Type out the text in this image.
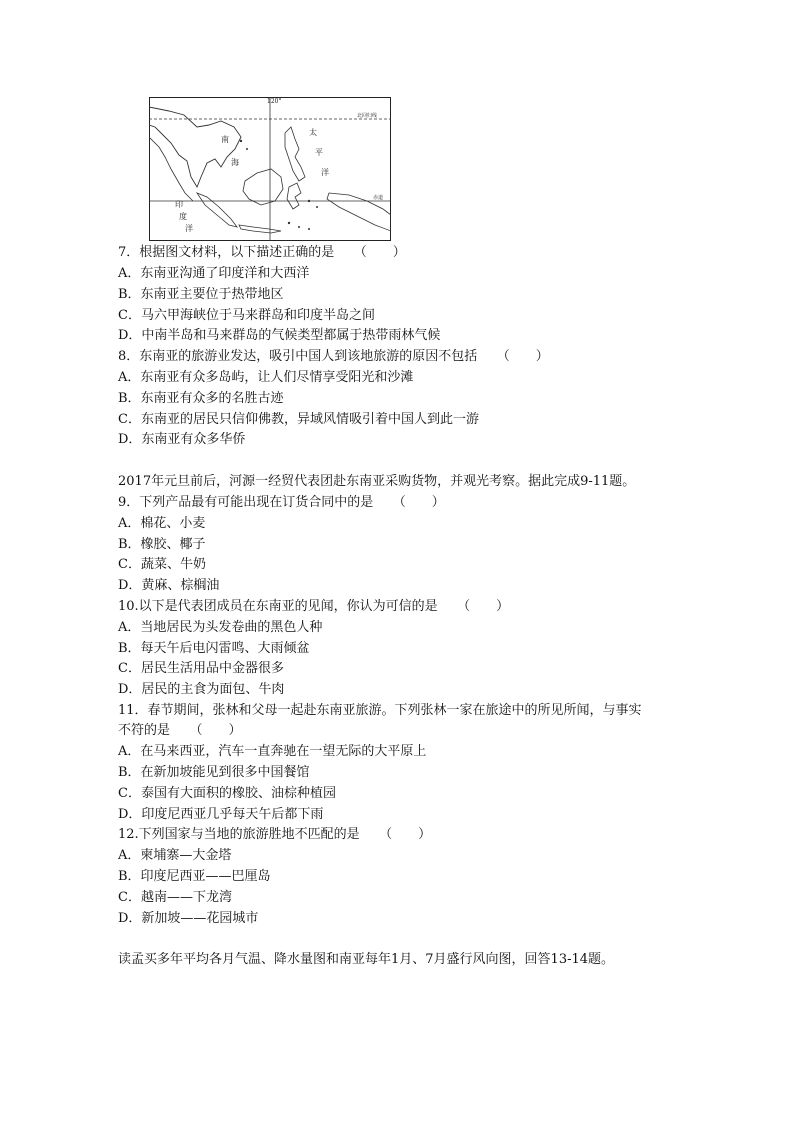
120°
北回归线
赤道
南
海
太
平
洋
印
度
洋
7．根据图文材料，以下描述正确的是　　（　　）
A．东南亚沟通了印度洋和大西洋
B．东南亚主要位于热带地区
C．马六甲海峡位于马来群岛和印度半岛之间
D．中南半岛和马来群岛的气候类型都属于热带雨林气候
8．东南亚的旅游业发达，吸引中国人到该地旅游的原因不包括　　（　　）
A．东南亚有众多岛屿，让人们尽情享受阳光和沙滩
B．东南亚有众多的名胜古迹
C．东南亚的居民只信仰佛教，异域风情吸引着中国人到此一游
D．东南亚有众多华侨
2017年元旦前后，河源一经贸代表团赴东南亚采购货物，并观光考察。据此完成9-11题。
9．下列产品最有可能出现在订货合同中的是　　（　　）
A．棉花、小麦
B．橡胶、椰子
C．蔬菜、牛奶
D．黄麻、棕榈油
10.以下是代表团成员在东南亚的见闻，你认为可信的是　　（　　）
A．当地居民为头发卷曲的黑色人种
B．每天午后电闪雷鸣、大雨倾盆
C．居民生活用品中金器很多
D．居民的主食为面包、牛肉
11．春节期间，张林和父母一起赴东南亚旅游。下列张林一家在旅途中的所见所闻，与事实
不符的是　　（　　）
A．在马来西亚，汽车一直奔驰在一望无际的大平原上
B．在新加坡能见到很多中国餐馆
C．泰国有大面积的橡胶、油棕种植园
D．印度尼西亚几乎每天午后都下雨
12.下列国家与当地的旅游胜地不匹配的是　　（　　）
A．柬埔寨—大金塔
B．印度尼西亚——巴厘岛
C．越南——下龙湾
D．新加坡——花园城市
读孟买多年平均各月气温、降水量图和南亚每年1月、7月盛行风向图，回答13-14题。
